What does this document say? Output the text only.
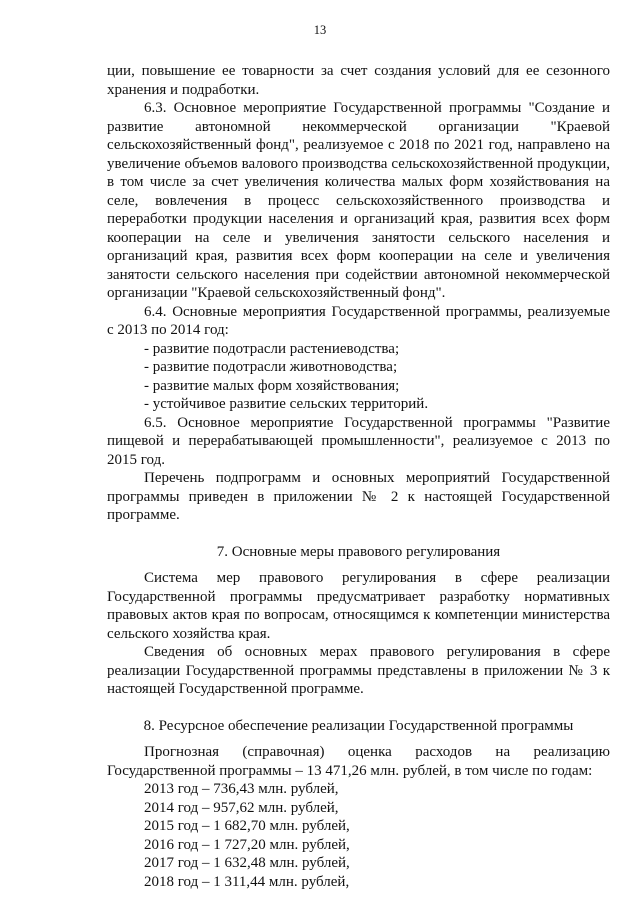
13

ции, повышение ее товарности за счет создания условий для ее сезонного хранения и подработки.

6.3. Основное мероприятие Государственной программы "Создание и развитие автономной некоммерческой организации "Краевой сельскохозяйственный фонд", реализуемое с 2018 по 2021 год, направлено на увеличение объемов валового производства сельскохозяйственной продукции, в том числе за счет увеличения количества малых форм хозяйствования на селе, вовлечения в процесс сельскохозяйственного производства и переработки продукции населения и организаций края, развития всех форм кооперации на селе и увеличения занятости сельского населения и организаций края, развития всех форм кооперации на селе и увеличения занятости сельского населения при содействии автономной некоммерческой организации "Краевой сельскохозяйственный фонд".

6.4. Основные мероприятия Государственной программы, реализуемые с 2013 по 2014 год:

- развитие подотрасли растениеводства;

- развитие подотрасли животноводства;

- развитие малых форм хозяйствования;

- устойчивое развитие сельских территорий.

6.5. Основное мероприятие Государственной программы "Развитие пищевой и перерабатывающей промышленности", реализуемое с 2013 по 2015 год.

Перечень подпрограмм и основных мероприятий Государственной программы приведен в приложении № 2 к настоящей Государственной программе.

7. Основные меры правового регулирования

Система мер правового регулирования в сфере реализации Государственной программы предусматривает разработку нормативных правовых актов края по вопросам, относящимся к компетенции министерства сельского хозяйства края.

Сведения об основных мерах правового регулирования в сфере реализации Государственной программы представлены в приложении № 3 к настоящей Государственной программе.

8. Ресурсное обеспечение реализации Государственной программы

Прогнозная (справочная) оценка расходов на реализацию Государственной программы – 13 471,26 млн. рублей, в том числе по годам:

2013 год – 736,43 млн. рублей,

2014 год – 957,62 млн. рублей,

2015 год – 1 682,70 млн. рублей,

2016 год – 1 727,20 млн. рублей,

2017 год – 1 632,48 млн. рублей,

2018 год – 1 311,44 млн. рублей,
